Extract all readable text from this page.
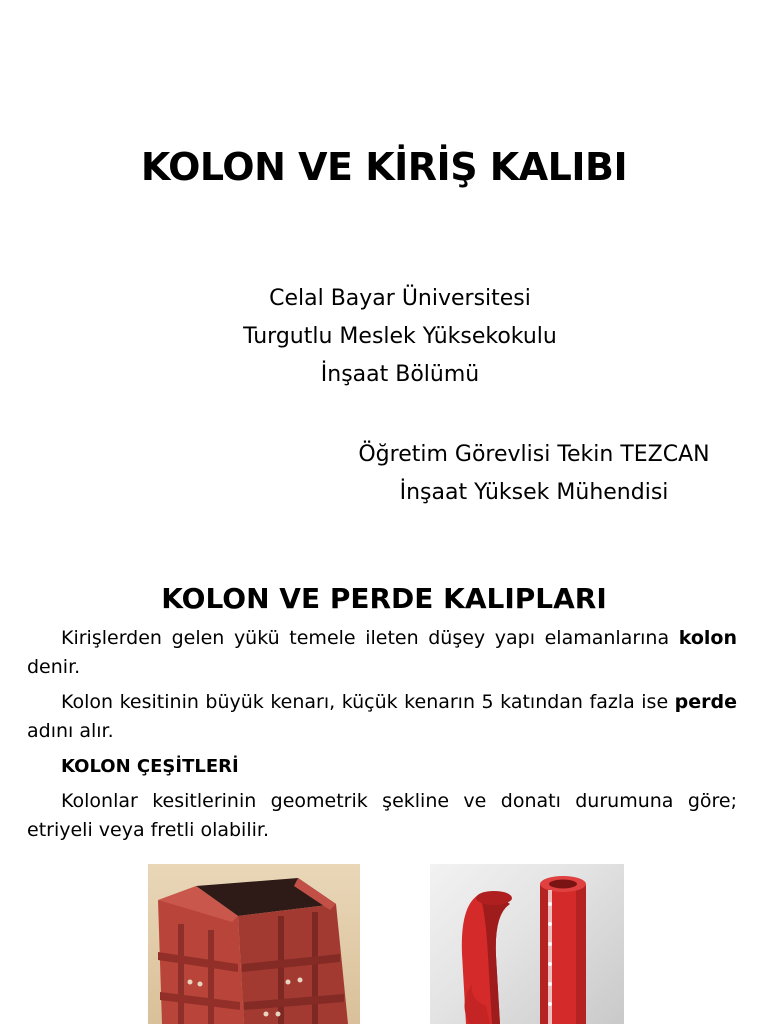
KOLON VE KİRİŞ KALIBI
Celal Bayar Üniversitesi
Turgutlu Meslek Yüksekokulu
İnşaat Bölümü
Öğretim Görevlisi Tekin TEZCAN
İnşaat Yüksek Mühendisi
KOLON VE PERDE KALIPLARI

Kirişlerden gelen yükü temele ileten düşey yapı elamanlarına kolon denir.

Kolon kesitinin büyük kenarı, küçük kenarın 5 katından fazla ise perde adını alır.

KOLON ÇEŞİTLERİ

Kolonlar kesitlerinin geometrik şekline ve donatı durumuna göre; etriyeli veya fretli olabilir.
